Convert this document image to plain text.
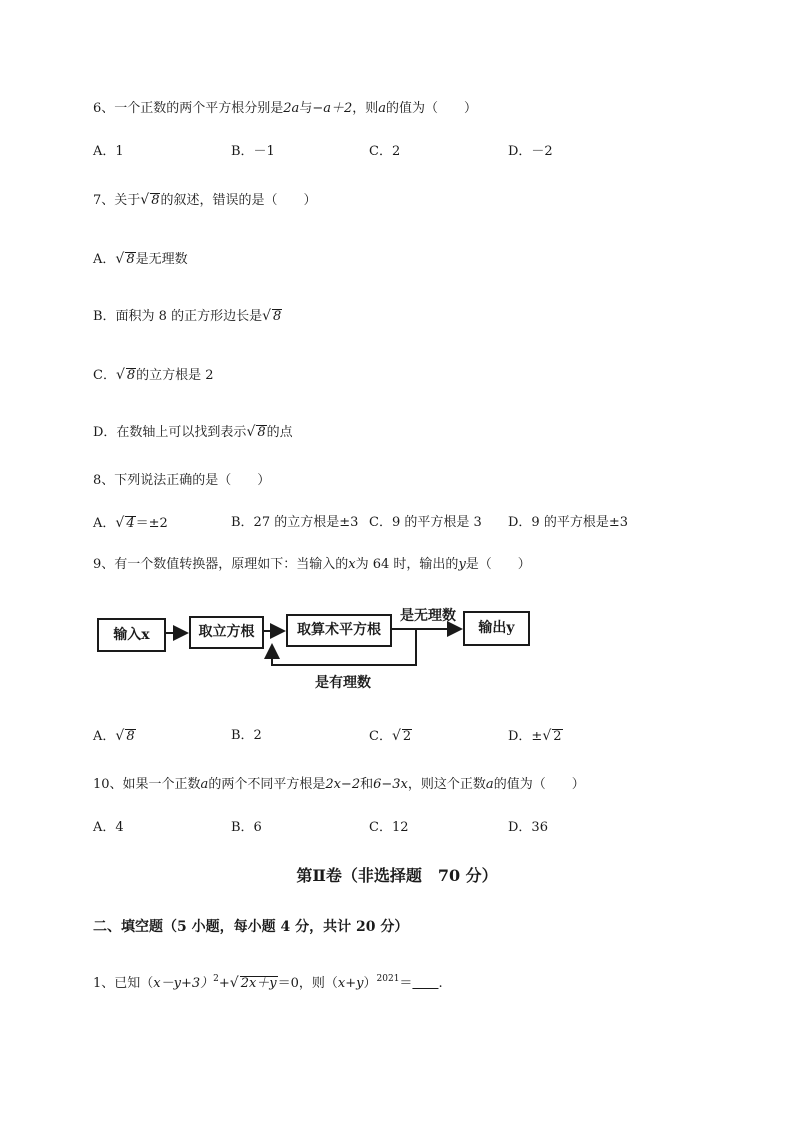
6、一个正数的两个平方根分别是2a与−a＋2，则a的值为（　　）
A．1	B．－1	C．2	D．－2
7、关于√ 8的叙述，错误的是（　　）
A．√ 8是无理数
B．面积为 8 的正方形边长是√ 8
C．√ 8的立方根是 2
D．在数轴上可以找到表示√ 8的点
8、下列说法正确的是（　　）
A．√ 4＝±2	B．27 的立方根是±3 C．9 的平方根是 3 D．9 的平方根是±3
9、有一个数值转换器，原理如下：当输入的x为 64 时，输出的y是（　　）
输入x	取立方根	取算术平方根	输出y
是无理数
是有理数
A．√ 8	B．2	C．√ 2	D．±√ 2
10、如果一个正数a的两个不同平方根是2x−2和6−3x，则这个正数a的值为（　　）
A．4	B．6	C．12	D．36
第Ⅱ卷（非选择题　70 分）
二、填空题（5 小题，每小题 4 分，共计 20 分）
1、已知$(x-y+3)^2+√$ 2x＋y＝0，则$(x+y)^{2021}=\_\_$.
